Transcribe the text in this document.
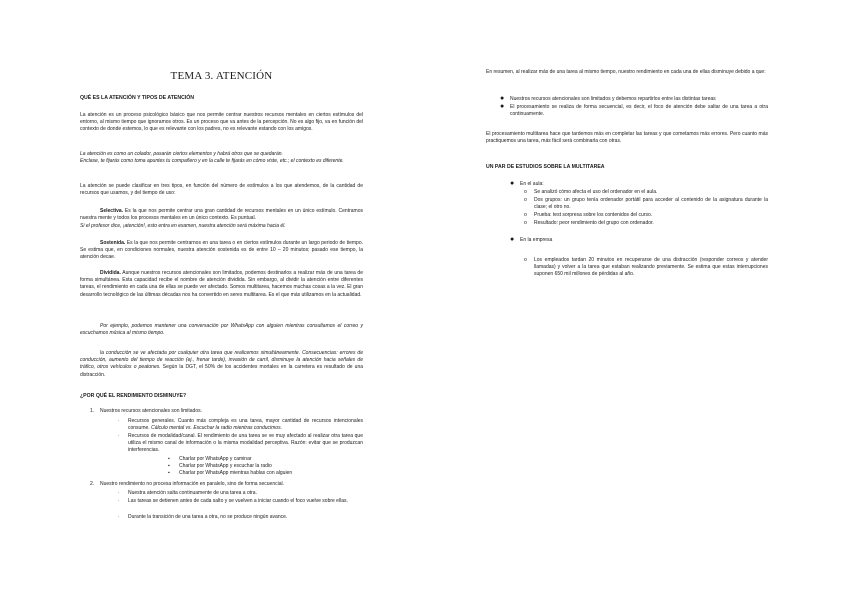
TEMA 3. ATENCIÓN

QUÉ ES LA ATENCIÓN Y TIPOS DE ATENCIÓN

La atención es un proceso psicológico básico que nos permite centrar nuestros recursos mentales en ciertos estímulos del entorno, al mismo tiempo que ignoramos otros. Es un proceso que va antes de la percepción. No es algo fijo, va en función del contexto de donde estemos, lo que es relevante con los padres, no es relevante estando con los amigos.

La atención es como un colador, pasarán ciertos elementos y habrá otros que se quedarán.

Enclase, te fijarás como toma apuntes tu compañero y en la calle te fijarás en cómo viste, etc.; el contexto es diferente.

La atención se puede clasificar en tres tipos, en función del número de estímulos a los que atendemos, de la cantidad de recursos que usamos, y del tiempo de uso:

Selectiva. Es la que nos permite centrar una gran cantidad de recursos mentales en un único estímulo. Centramos nuestra mente y todos los procesos mentales en un único contexto. Es puntual.

Si el profesor dice, ¡atención!, esto entra en examen, nuestra atención será máxima hacia él.

Sostenida. Es la que nos permite centrarnos en una tarea o en ciertos estímulos durante un largo periodo de tiempo. Se estima que, en condiciones normales, nuestra atención sostenida es de entre 10 – 20 minutos; pasado ese tiempo, la atención decae.

Dividida. Aunque nuestros recursos atencionales son limitados, podemos destinarlos a realizar más de una tarea de forma simultánea. Esta capacidad recibe el nombre de atención dividida. Sin embargo, al dividir la atención entre diferentes tareas, el rendimiento en cada una de ellas se puede ver afectado. Somos multitarea, hacemos muchas cosas a la vez. El gran desarrollo tecnológico de las últimas décadas nos ha convertido en seres multitarea. Es el que más utilizamos en la actualidad.

Por ejemplo, podemos mantener una conversación por WhatsApp con alguien mientras consultamos el correo y escuchamos música al mismo tiempo.

la conducción se ve afectada por cualquier otra tarea que realicemos simultáneamente. Consecuencias: errores de conducción, aumento del tiempo de reacción (ej., frenar tarde), invasión de carril, disminuye la atención hacia señales de tráfico, otros vehículos o peatones. Según la DGT, el 50% de los accidentes mortales en la carretera es resultado de una distracción.

¿POR QUÉ EL RENDIMIENTO DISMINUYE?

1. Nuestros recursos atencionales son limitados.
· Recursos generales. Cuanto más compleja es una tarea, mayor cantidad de recursos intencionales consume. Cálculo mental vs. Escuchar la radio mientras conducimos.

· Recursos de modalidad/canal. El rendimiento de una tarea se ve muy afectado al realizar otra tarea que utiliza el mismo canal de información o la misma modalidad perceptiva. Razón: evitar que se produzcan interferencias.

▪ Charlar por WhatsApp y caminar
▪ Charlar por WhatsApp y escuchar la radio
▪ Charlar por WhatsApp mientras hablas con alguien
2. Nuestro rendimiento no procesa información en paralelo, sino de forma secuencial.
· Nuestra atención salta continuamente de una tarea a otra.
· Las tareas se detienen antes de cada salto y se vuelven a iniciar cuando el foco vuelve sobre ellas.

· Durante la transición de una tarea a otra, no se produce ningún avance.

En resumen, al realizar más de una tarea al mismo tiempo, nuestro rendimiento en cada una de ellas disminuye debido a que:

● Nuestros recursos atencionales son limitados y debemos repartirlos entre las distintas tareas
● El procesamiento se realiza de forma secuencial, es decir, el foco de atención debe saltar de una tarea a otra continuamente.

El procesamiento multitarea hace que tardemos más en completar las tareas y que cometamos más errores. Pero cuanto más practiquemos una tarea, más fácil será combinarla con otras.

UN PAR DE ESTUDIOS SOBRE LA MULTITAREA

● En el aula:
o Se analizó cómo afecta el uso del ordenador en el aula.
o Dos grupos: un grupo tenía ordenador portátil para acceder al contenido de la asignatura durante la clase; el otro no.

o Prueba: test sorpresa sobre los contenidos del curso.
o Resultado: peor rendimiento del grupo con ordenador.
● En la empresa
o Los empleados tardan 20 minutos en recuperarse de una distracción (responder correos y atender llamadas) y volver a la tarea que estaban realizando previamente. Se estima que estas interrupciones suponen 650 mil millones de pérdidas al año.
